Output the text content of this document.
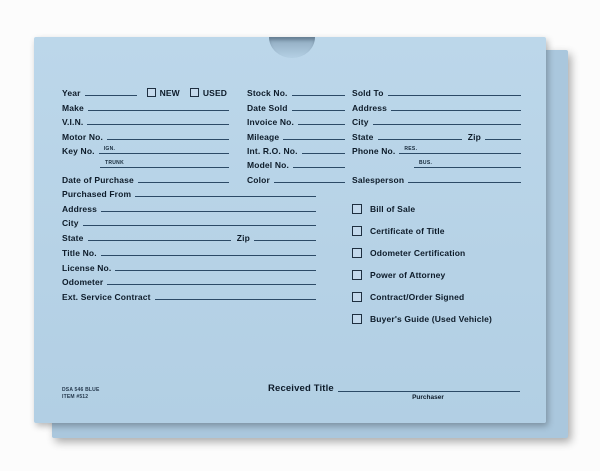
Year	NEW	USED
Make
V.I.N.
Motor No.
Key No.	IGN.
TRUNK
Date of Purchase
Stock No.
Date Sold
Invoice No.
Mileage
Int. R.O. No.
Model No.
Color
Sold To
Address
City
State	Zip
Phone No.	RES.
BUS.
Salesperson
Purchased From
Address
City
State	Zip
Title No.
License No.
Odometer
Ext. Service Contract
Bill of Sale
Certificate of Title
Odometer Certification
Power of Attorney
Contract/Order Signed
Buyer's Guide (Used Vehicle)
Received Title
Purchaser
DSA 546 BLUE
ITEM #512
